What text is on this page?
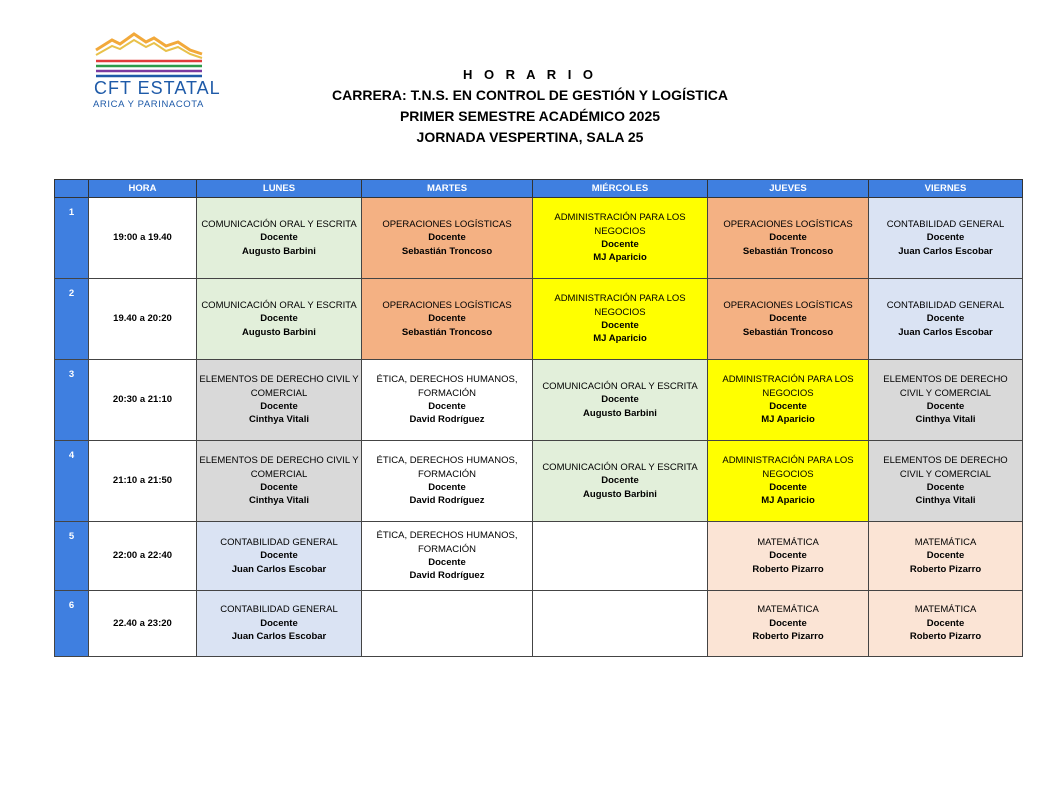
CFT ESTATAL
ARICA Y PARINACOTA
H O R A R I O
CARRERA: T.N.S. EN CONTROL DE GESTIÓN Y LOGÍSTICA
PRIMER SEMESTRE ACADÉMICO 2025
JORNADA VESPERTINA, SALA 25
	HORA	LUNES	MARTES	MIÉRCOLES	JUEVES	VIERNES
1	19:00 a 19.40	COMUNICACIÓN ORAL Y ESCRITA
Docente
Augusto Barbini	OPERACIONES LOGÍSTICAS
Docente
Sebastián Troncoso	ADMINISTRACIÓN PARA LOS NEGOCIOS
Docente
MJ Aparicio	OPERACIONES LOGÍSTICAS
Docente
Sebastián Troncoso	CONTABILIDAD GENERAL
Docente
Juan Carlos Escobar

2	19.40 a 20:20	COMUNICACIÓN ORAL Y ESCRITA
Docente
Augusto Barbini	OPERACIONES LOGÍSTICAS
Docente
Sebastián Troncoso	ADMINISTRACIÓN PARA LOS NEGOCIOS
Docente
MJ Aparicio	OPERACIONES LOGÍSTICAS
Docente
Sebastián Troncoso	CONTABILIDAD GENERAL
Docente
Juan Carlos Escobar

3	20:30 a 21:10	ELEMENTOS DE DERECHO CIVIL Y COMERCIAL
Docente
Cinthya Vitali	ÉTICA, DERECHOS HUMANOS, FORMACIÓN
Docente
David Rodríguez	COMUNICACIÓN ORAL Y ESCRITA
Docente
Augusto Barbini	ADMINISTRACIÓN PARA LOS NEGOCIOS
Docente
MJ Aparicio	ELEMENTOS DE DERECHO CIVIL Y COMERCIAL
Docente
Cinthya Vitali

4	21:10 a 21:50	ELEMENTOS DE DERECHO CIVIL Y COMERCIAL
Docente
Cinthya Vitali	ÉTICA, DERECHOS HUMANOS, FORMACIÓN
Docente
David Rodríguez	COMUNICACIÓN ORAL Y ESCRITA
Docente
Augusto Barbini	ADMINISTRACIÓN PARA LOS NEGOCIOS
Docente
MJ Aparicio	ELEMENTOS DE DERECHO CIVIL Y COMERCIAL
Docente
Cinthya Vitali

5	22:00 a 22:40	CONTABILIDAD GENERAL
Docente
Juan Carlos Escobar	ÉTICA, DERECHOS HUMANOS, FORMACIÓN
Docente
David Rodríguez		MATEMÁTICA
Docente
Roberto Pizarro	MATEMÁTICA
Docente
Roberto Pizarro

6	22.40 a 23:20	CONTABILIDAD GENERAL
Docente
Juan Carlos Escobar			MATEMÁTICA
Docente
Roberto Pizarro	MATEMÁTICA
Docente
Roberto Pizarro
